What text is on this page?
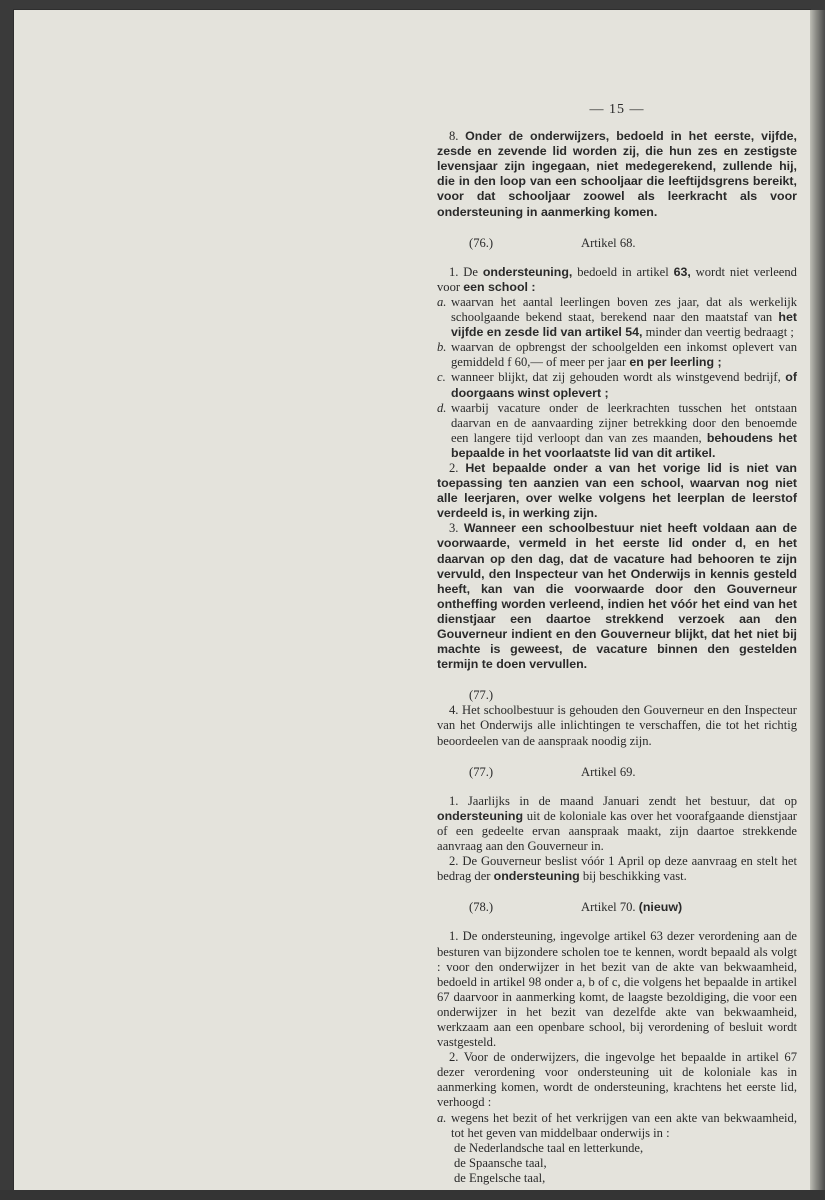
— 15 —

8. Onder de onderwijzers, bedoeld in het eerste, vijfde, zesde en zevende lid worden zij, die hun zes en zestigste levensjaar zijn ingegaan, niet medegerekend, zullende hij, die in den loop van een schooljaar die leeftijdsgrens bereikt, voor dat schooljaar zoowel als leerkracht als voor ondersteuning in aanmerking komen.

(76.)	Artikel 68.

1. De ondersteuning, bedoeld in artikel 63, wordt niet verleend voor een school :

a. waarvan het aantal leerlingen boven zes jaar, dat als werkelijk schoolgaande bekend staat, berekend naar den maatstaf van het vijfde en zesde lid van artikel 54, minder dan veertig bedraagt ;

b. waarvan de opbrengst der schoolgelden een inkomst oplevert van gemiddeld f 60,— of meer per jaar en per leerling ;

c. wanneer blijkt, dat zij gehouden wordt als winstgevend bedrijf, of doorgaans winst oplevert ;

d. waarbij vacature onder de leerkrachten tusschen het ontstaan daarvan en de aanvaarding zijner betrekking door den benoemde een langere tijd verloopt dan van zes maanden, behoudens het bepaalde in het voorlaatste lid van dit artikel.

2. Het bepaalde onder a van het vorige lid is niet van toepassing ten aanzien van een school, waarvan nog niet alle leerjaren, over welke volgens het leerplan de leerstof verdeeld is, in werking zijn.

3. Wanneer een schoolbestuur niet heeft voldaan aan de voorwaarde, vermeld in het eerste lid onder d, en het daarvan op den dag, dat de vacature had behooren te zijn vervuld, den Inspecteur van het Onderwijs in kennis gesteld heeft, kan van die voorwaarde door den Gouverneur ontheffing worden verleend, indien het vóór het eind van het dienstjaar een daartoe strekkend verzoek aan den Gouverneur indient en den Gouverneur blijkt, dat het niet bij machte is geweest, de vacature binnen den gestelden termijn te doen vervullen.

(77.)

4. Het schoolbestuur is gehouden den Gouverneur en den Inspecteur van het Onderwijs alle inlichtingen te verschaffen, die tot het richtig beoordeelen van de aanspraak noodig zijn.

(77.)	Artikel 69.

1. Jaarlijks in de maand Januari zendt het bestuur, dat op ondersteuning uit de koloniale kas over het voorafgaande dienstjaar of een gedeelte ervan aanspraak maakt, zijn daartoe strekkende aanvraag aan den Gouverneur in.

2. De Gouverneur beslist vóór 1 April op deze aanvraag en stelt het bedrag der ondersteuning bij beschikking vast.

(78.)	Artikel 70. (nieuw)

1. De ondersteuning, ingevolge artikel 63 dezer verordening aan de besturen van bijzondere scholen toe te kennen, wordt bepaald als volgt : voor den onderwijzer in het bezit van de akte van bekwaamheid, bedoeld in artikel 98 onder a, b of c, die volgens het bepaalde in artikel 67 daarvoor in aanmerking komt, de laagste bezoldiging, die voor een onderwijzer in het bezit van dezelfde akte van bekwaamheid, werkzaam aan een openbare school, bij verordening of besluit wordt vastgesteld.

2. Voor de onderwijzers, die ingevolge het bepaalde in artikel 67 dezer verordening voor ondersteuning uit de koloniale kas in aanmerking komen, wordt de ondersteuning, krachtens het eerste lid, verhoogd :

a. wegens het bezit of het verkrijgen van een akte van bekwaamheid, tot het geven van middelbaar onderwijs in :

de Nederlandsche taal en letterkunde,

de Spaansche taal,

de Engelsche taal,
